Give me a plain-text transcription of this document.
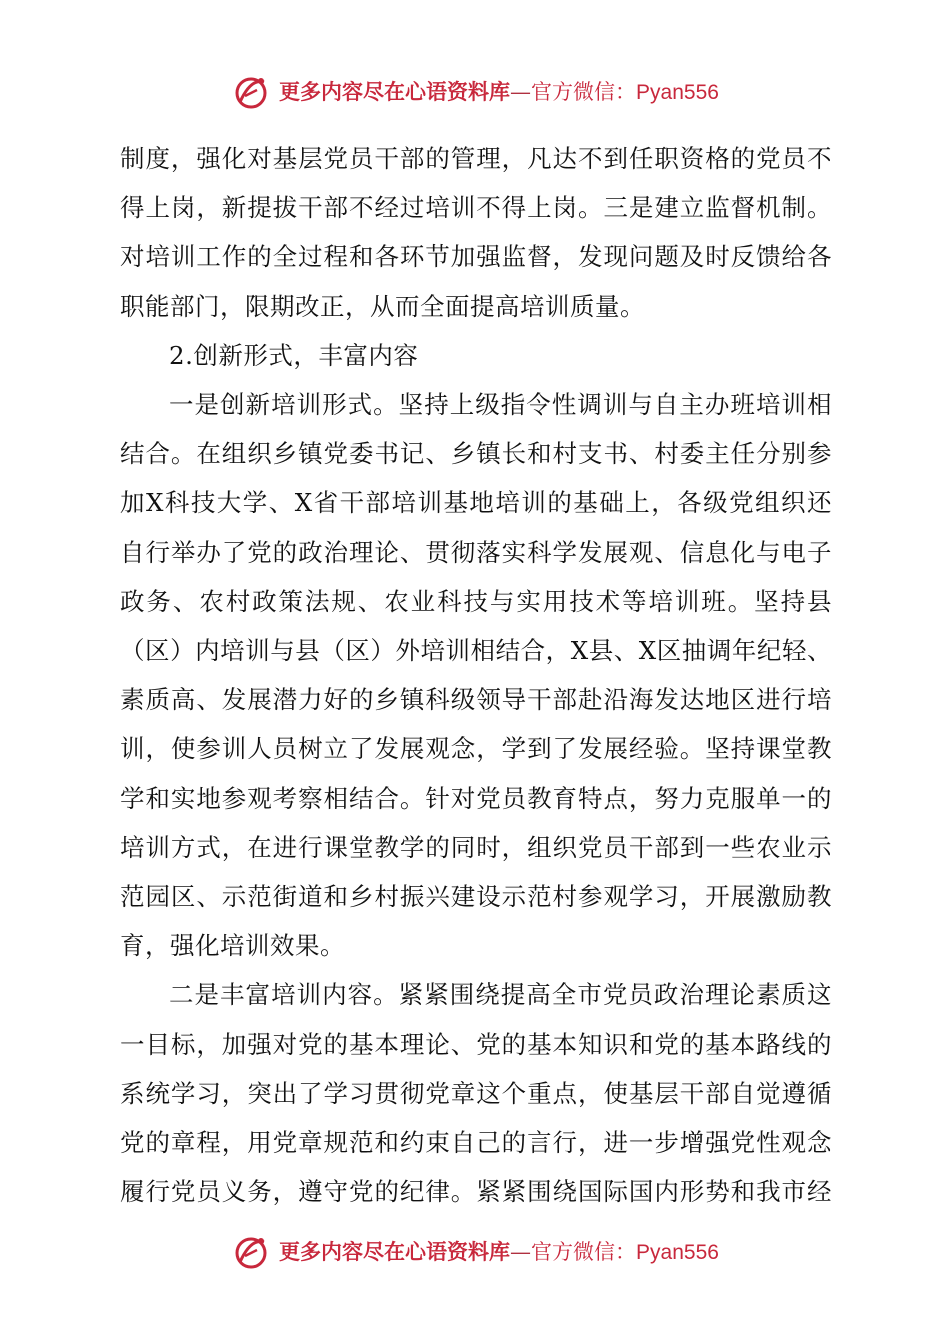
更多内容尽在心语资料库—官方微信：Pyan556
制度，强化对基层党员干部的管理，凡达不到任职资格的党员不
得上岗，新提拔干部不经过培训不得上岗。三是建立监督机制。
对培训工作的全过程和各环节加强监督，发现问题及时反馈给各
职能部门，限期改正，从而全面提高培训质量。
2.创新形式，丰富内容
一是创新培训形式。坚持上级指令性调训与自主办班培训相
结合。在组织乡镇党委书记、乡镇长和村支书、村委主任分别参
加X科技大学、X省干部培训基地培训的基础上，各级党组织还
自行举办了党的政治理论、贯彻落实科学发展观、信息化与电子
政务、农村政策法规、农业科技与实用技术等培训班。坚持县
（区）内培训与县（区）外培训相结合，X县、X区抽调年纪轻、
素质高、发展潜力好的乡镇科级领导干部赴沿海发达地区进行培
训，使参训人员树立了发展观念，学到了发展经验。坚持课堂教
学和实地参观考察相结合。针对党员教育特点，努力克服单一的
培训方式，在进行课堂教学的同时，组织党员干部到一些农业示
范园区、示范街道和乡村振兴建设示范村参观学习，开展激励教
育，强化培训效果。
二是丰富培训内容。紧紧围绕提高全市党员政治理论素质这
一目标，加强对党的基本理论、党的基本知识和党的基本路线的
系统学习，突出了学习贯彻党章这个重点，使基层干部自觉遵循
党的章程，用党章规范和约束自己的言行，进一步增强党性观念
履行党员义务，遵守党的纪律。紧紧围绕国际国内形势和我市经
更多内容尽在心语资料库—官方微信：Pyan556
